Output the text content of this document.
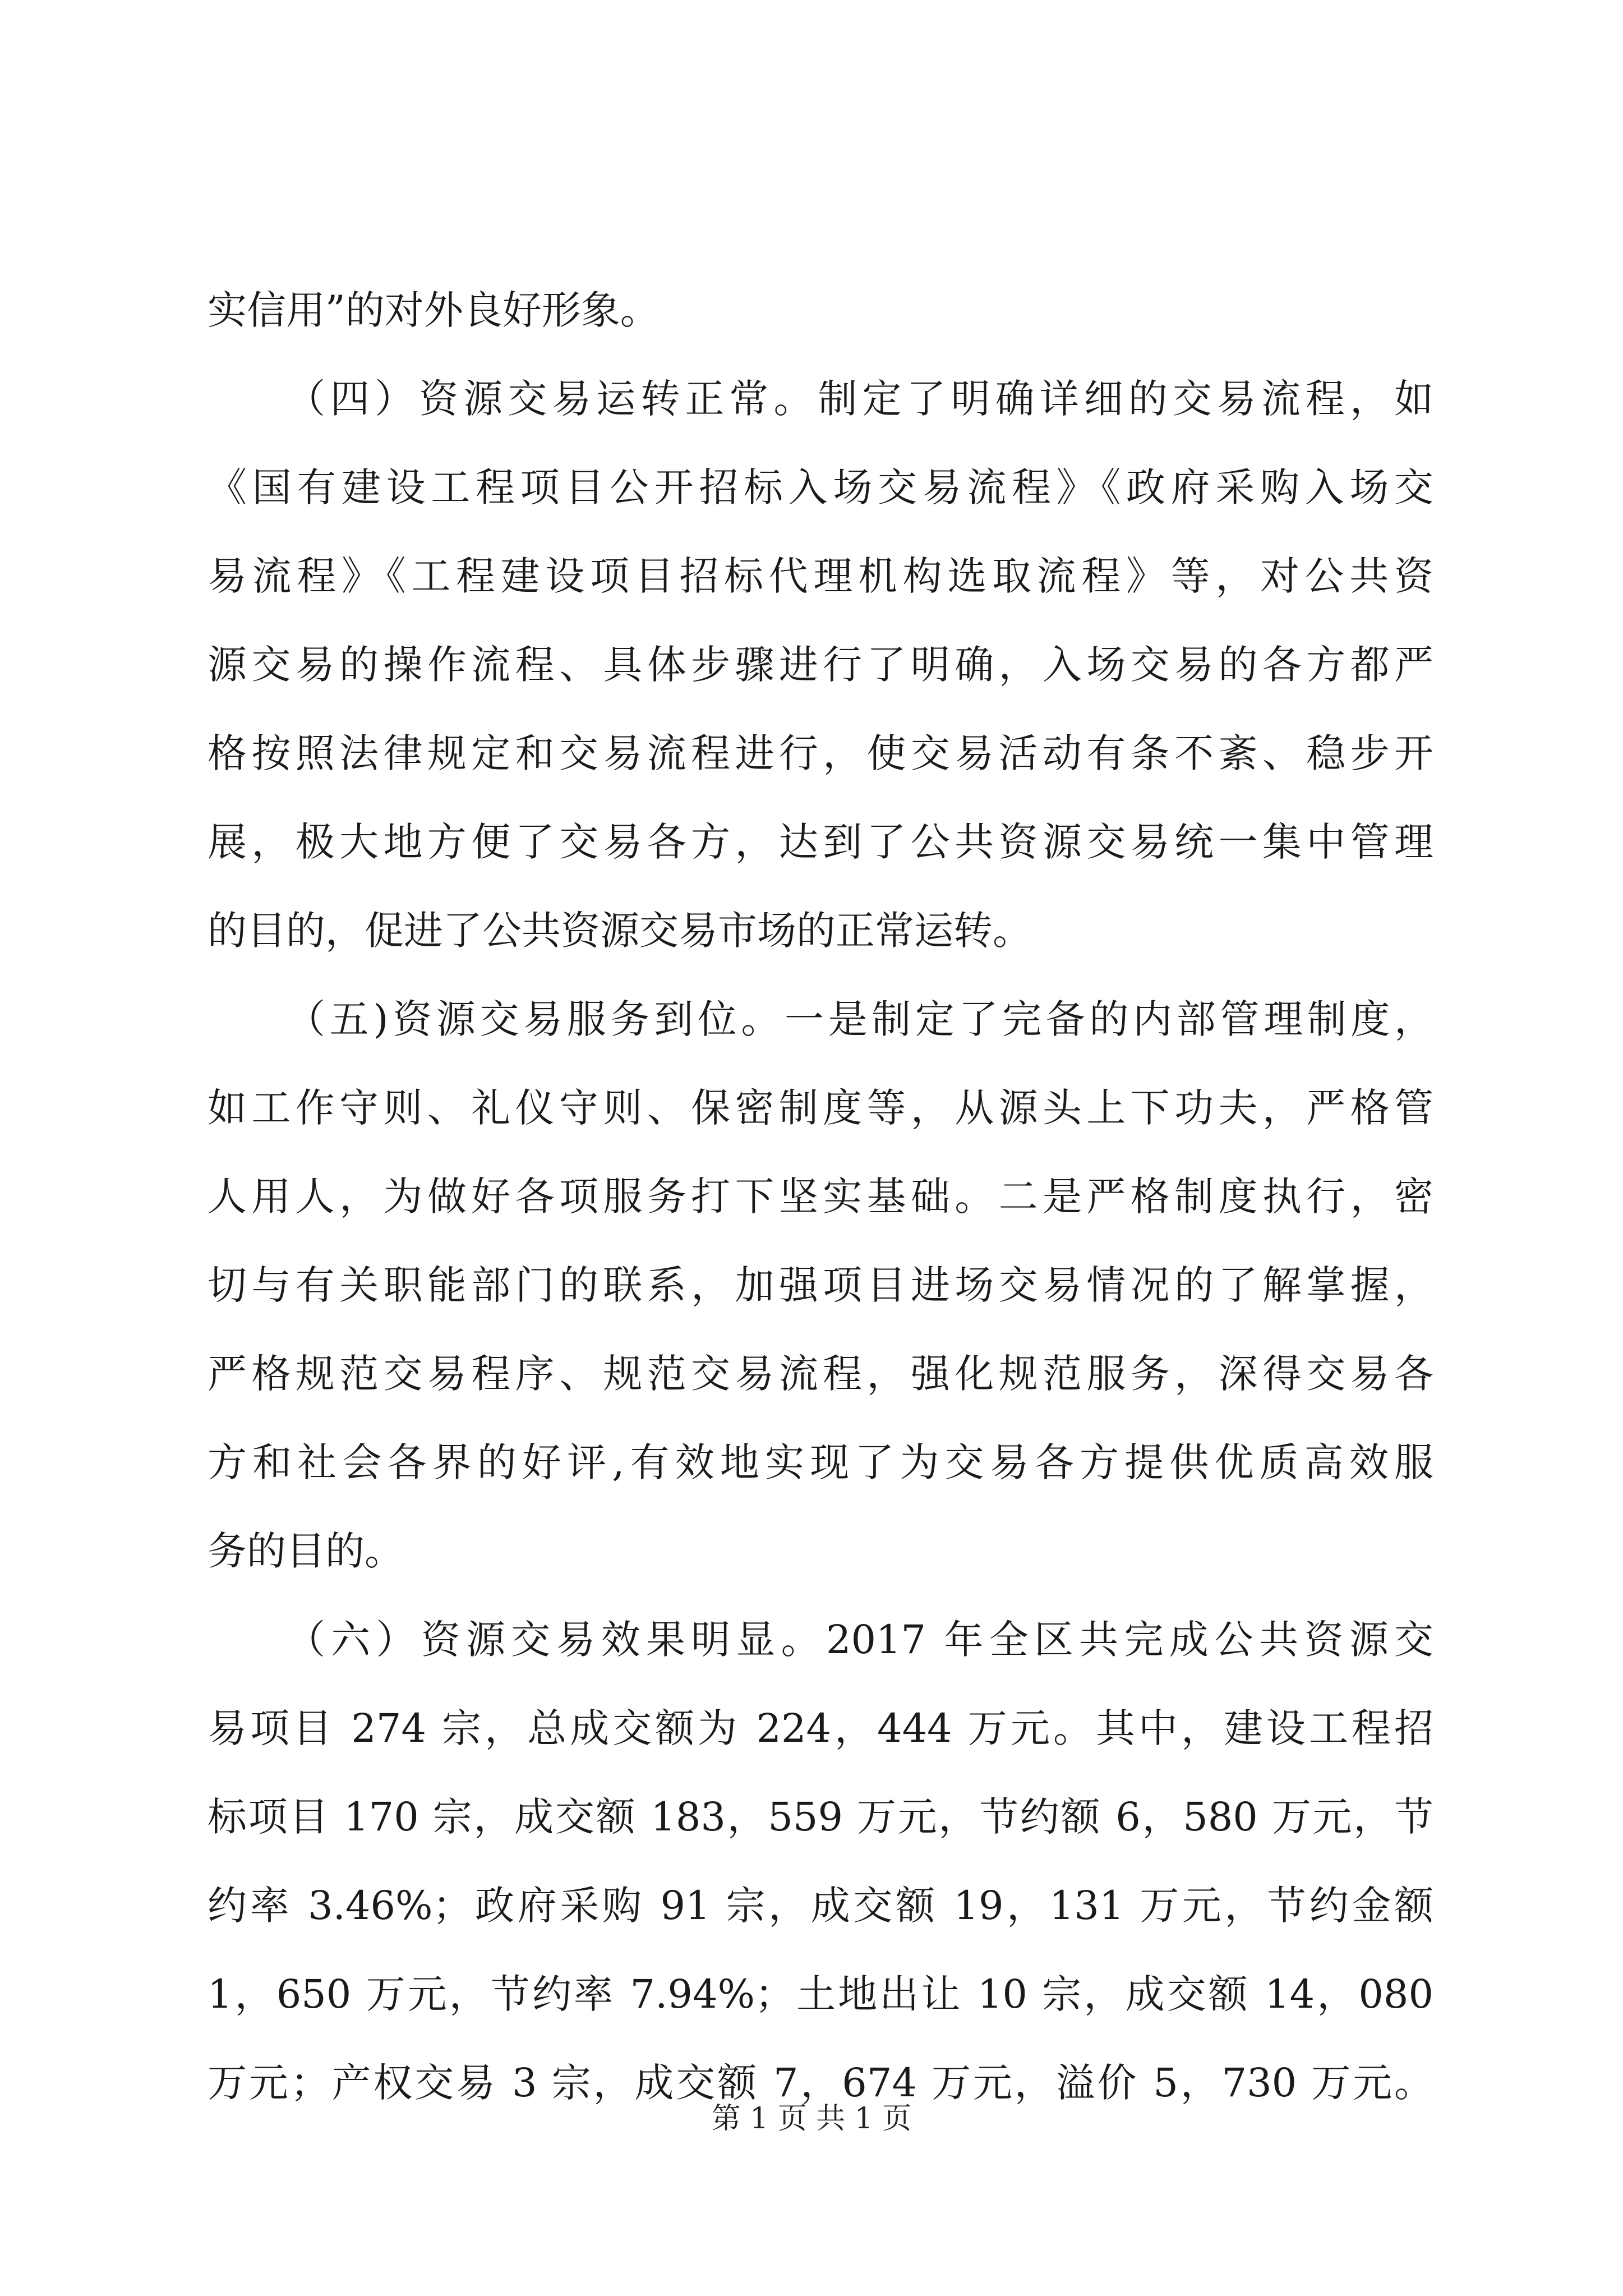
实信用”的对外良好形象。
（四）资源交易运转正常。制定了明确详细的交易流程，如
《国有建设工程项目公开招标入场交易流程》《政府采购入场交
易流程》《工程建设项目招标代理机构选取流程》等，对公共资
源交易的操作流程、具体步骤进行了明确，入场交易的各方都严
格按照法律规定和交易流程进行，使交易活动有条不紊、稳步开
展，极大地方便了交易各方，达到了公共资源交易统一集中管理
的目的，促进了公共资源交易市场的正常运转。
（五)资源交易服务到位。一是制定了完备的内部管理制度，
如工作守则、礼仪守则、保密制度等，从源头上下功夫，严格管
人用人，为做好各项服务打下坚实基础。二是严格制度执行，密
切与有关职能部门的联系，加强项目进场交易情况的了解掌握，
严格规范交易程序、规范交易流程，强化规范服务，深得交易各
方和社会各界的好评,有效地实现了为交易各方提供优质高效服
务的目的。
（六）资源交易效果明显。2017 年全区共完成公共资源交
易项目 274 宗，总成交额为 224，444 万元。其中，建设工程招
标项目 170 宗，成交额 183，559 万元，节约额 6，580 万元，节
约率 3.46%；政府采购 91 宗，成交额 19，131 万元，节约金额
1，650 万元，节约率 7.94%；土地出让 10 宗，成交额 14，080
万元；产权交易 3 宗，成交额 7，674 万元，溢价 5，730 万元。
第 1 页 共 1 页
